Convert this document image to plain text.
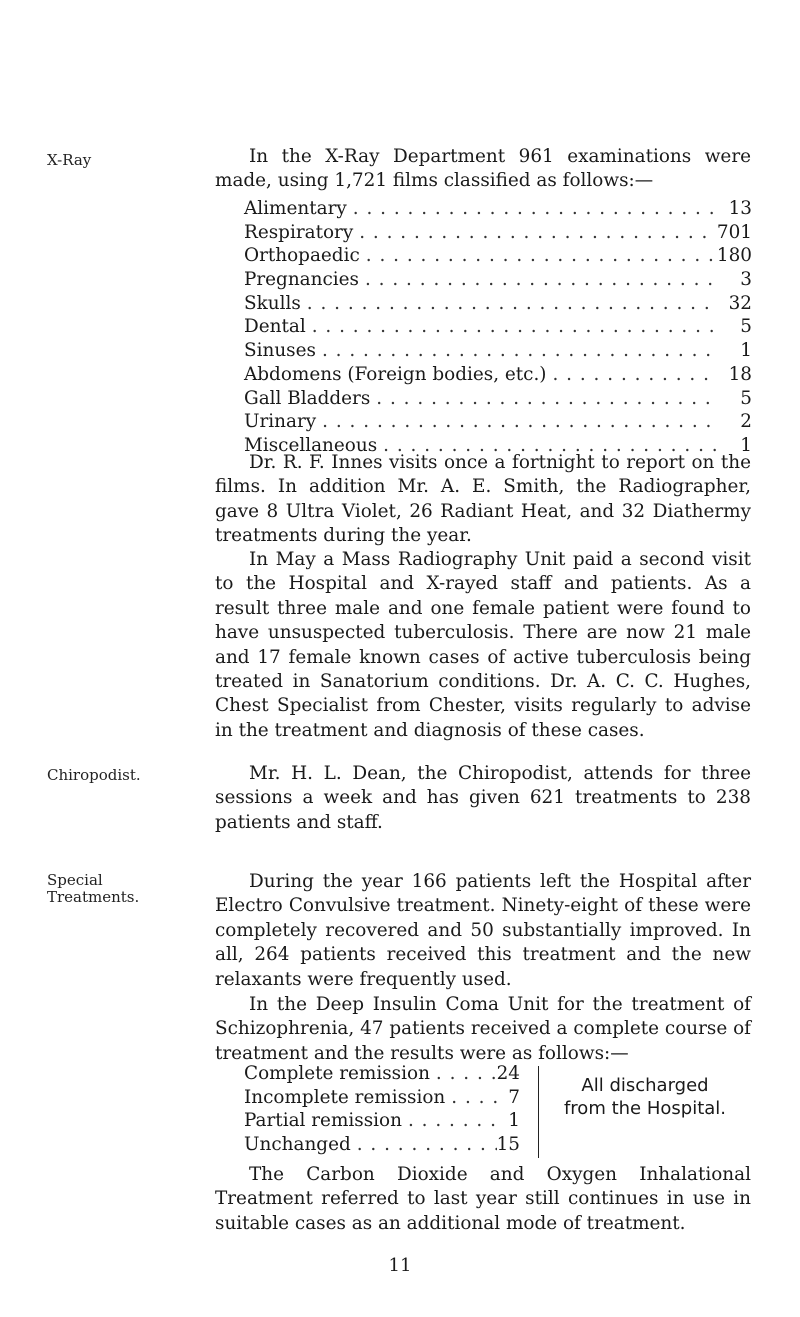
X-Ray
Chiropodist.
Special
Treatments.
In the X-Ray Department 961 examinations were made, using 1,721 films classified as follows:—
Alimentary . . .	13
Respiratory . . .	701
Orthopaedic . . .	180
Pregnancies . . .	3
Skulls . . .	32
Dental . . .	5
Sinuses . . .	1
Abdomens (Foreign bodies, etc.) . . .	18
Gall Bladders . . .	5
Urinary . . .	2
Miscellaneous . . .	1
Dr. R. F. Innes visits once a fortnight to report on the films. In addition Mr. A. E. Smith, the Radiographer, gave 8 Ultra Violet, 26 Radiant Heat, and 32 Diathermy treatments during the year.
In May a Mass Radiography Unit paid a second visit to the Hospital and X-rayed staff and patients. As a result three male and one female patient were found to have unsuspected tuberculosis. There are now 21 male and 17 female known cases of active tuberculosis being treated in Sanatorium conditions. Dr. A. C. C. Hughes, Chest Specialist from Chester, visits regularly to advise in the treatment and diagnosis of these cases.
Mr. H. L. Dean, the Chiropodist, attends for three sessions a week and has given 621 treatments to 238 patients and staff.
During the year 166 patients left the Hospital after Electro Convulsive treatment. Ninety-eight of these were completely recovered and 50 substantially improved. In all, 264 patients received this treatment and the new relaxants were frequently used.
In the Deep Insulin Coma Unit for the treatment of Schizophrenia, 47 patients received a complete course of treatment and the results were as follows:—
Complete remission . . .	24
Incomplete remission . . .	7
Partial remission . . .	1
Unchanged . . .	15
All discharged from the Hospital.
The Carbon Dioxide and Oxygen Inhalational Treatment referred to last year still continues in use in suitable cases as an additional mode of treatment.
11
